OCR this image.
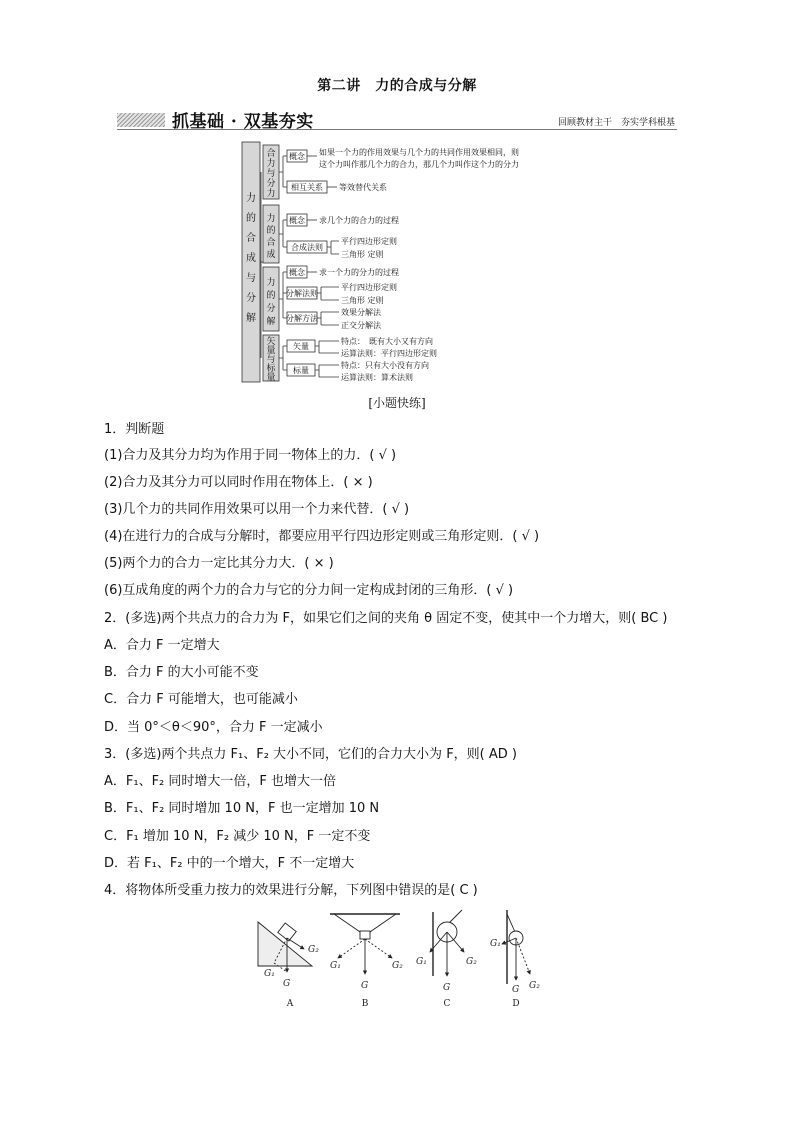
第二讲　力的合成与分解
抓基础 · 双基夯实	回顾教材主干　夯实学科根基
力
的
合
成
与
分
解
合
力
与
分
力
力
的
合
成
力
的
分
解
矢
量
与
标
量
概念
相互关系
概念
合成法则
概念
分解法则
分解方法
矢量
标量
如果一个力的作用效果与几个力的共同作用效果相同，则
这个力叫作那几个力的合力，那几个力叫作这个力的分力
等效替代关系
求几个力的合力的过程
平行四边形定则
三角形 定则
求一个力的分力的过程
平行四边形定则
三角形 定则
效果分解法
正交分解法
特点：　既有大小又有方向
运算法则：平行四边形定则
特点：只有大小没有方向
运算法则：算术法则
[小题快练]
1．判断题
(1)合力及其分力均为作用于同一物体上的力．( √ )
(2)合力及其分力可以同时作用在物体上．( × )
(3)几个力的共同作用效果可以用一个力来代替．( √ )
(4)在进行力的合成与分解时，都要应用平行四边形定则或三角形定则．( √ )
(5)两个力的合力一定比其分力大．( × )
(6)互成角度的两个力的合力与它的分力间一定构成封闭的三角形．( √ )
2．(多选)两个共点力的合力为 F，如果它们之间的夹角 θ 固定不变，使其中一个力增大，则( BC )
A．合力 F 一定增大
B．合力 F 的大小可能不变
C．合力 F 可能增大，也可能减小
D．当 0°＜θ＜90°，合力 F 一定减小
3．(多选)两个共点力 F₁、F₂ 大小不同，它们的合力大小为 F，则( AD )
A．F₁、F₂ 同时增大一倍，F 也增大一倍
B．F₁、F₂ 同时增加 10 N，F 也一定增加 10 N
C．F₁ 增加 10 N，F₂ 减少 10 N，F 一定不变
D．若 F₁、F₂ 中的一个增大，F 不一定增大
4．将物体所受重力按力的效果进行分解，下列图中错误的是( C )
G₂
G₁
G
G₁	G₂
G
G₁	G₂
G
G₁
G G₂
A	B	C	D
